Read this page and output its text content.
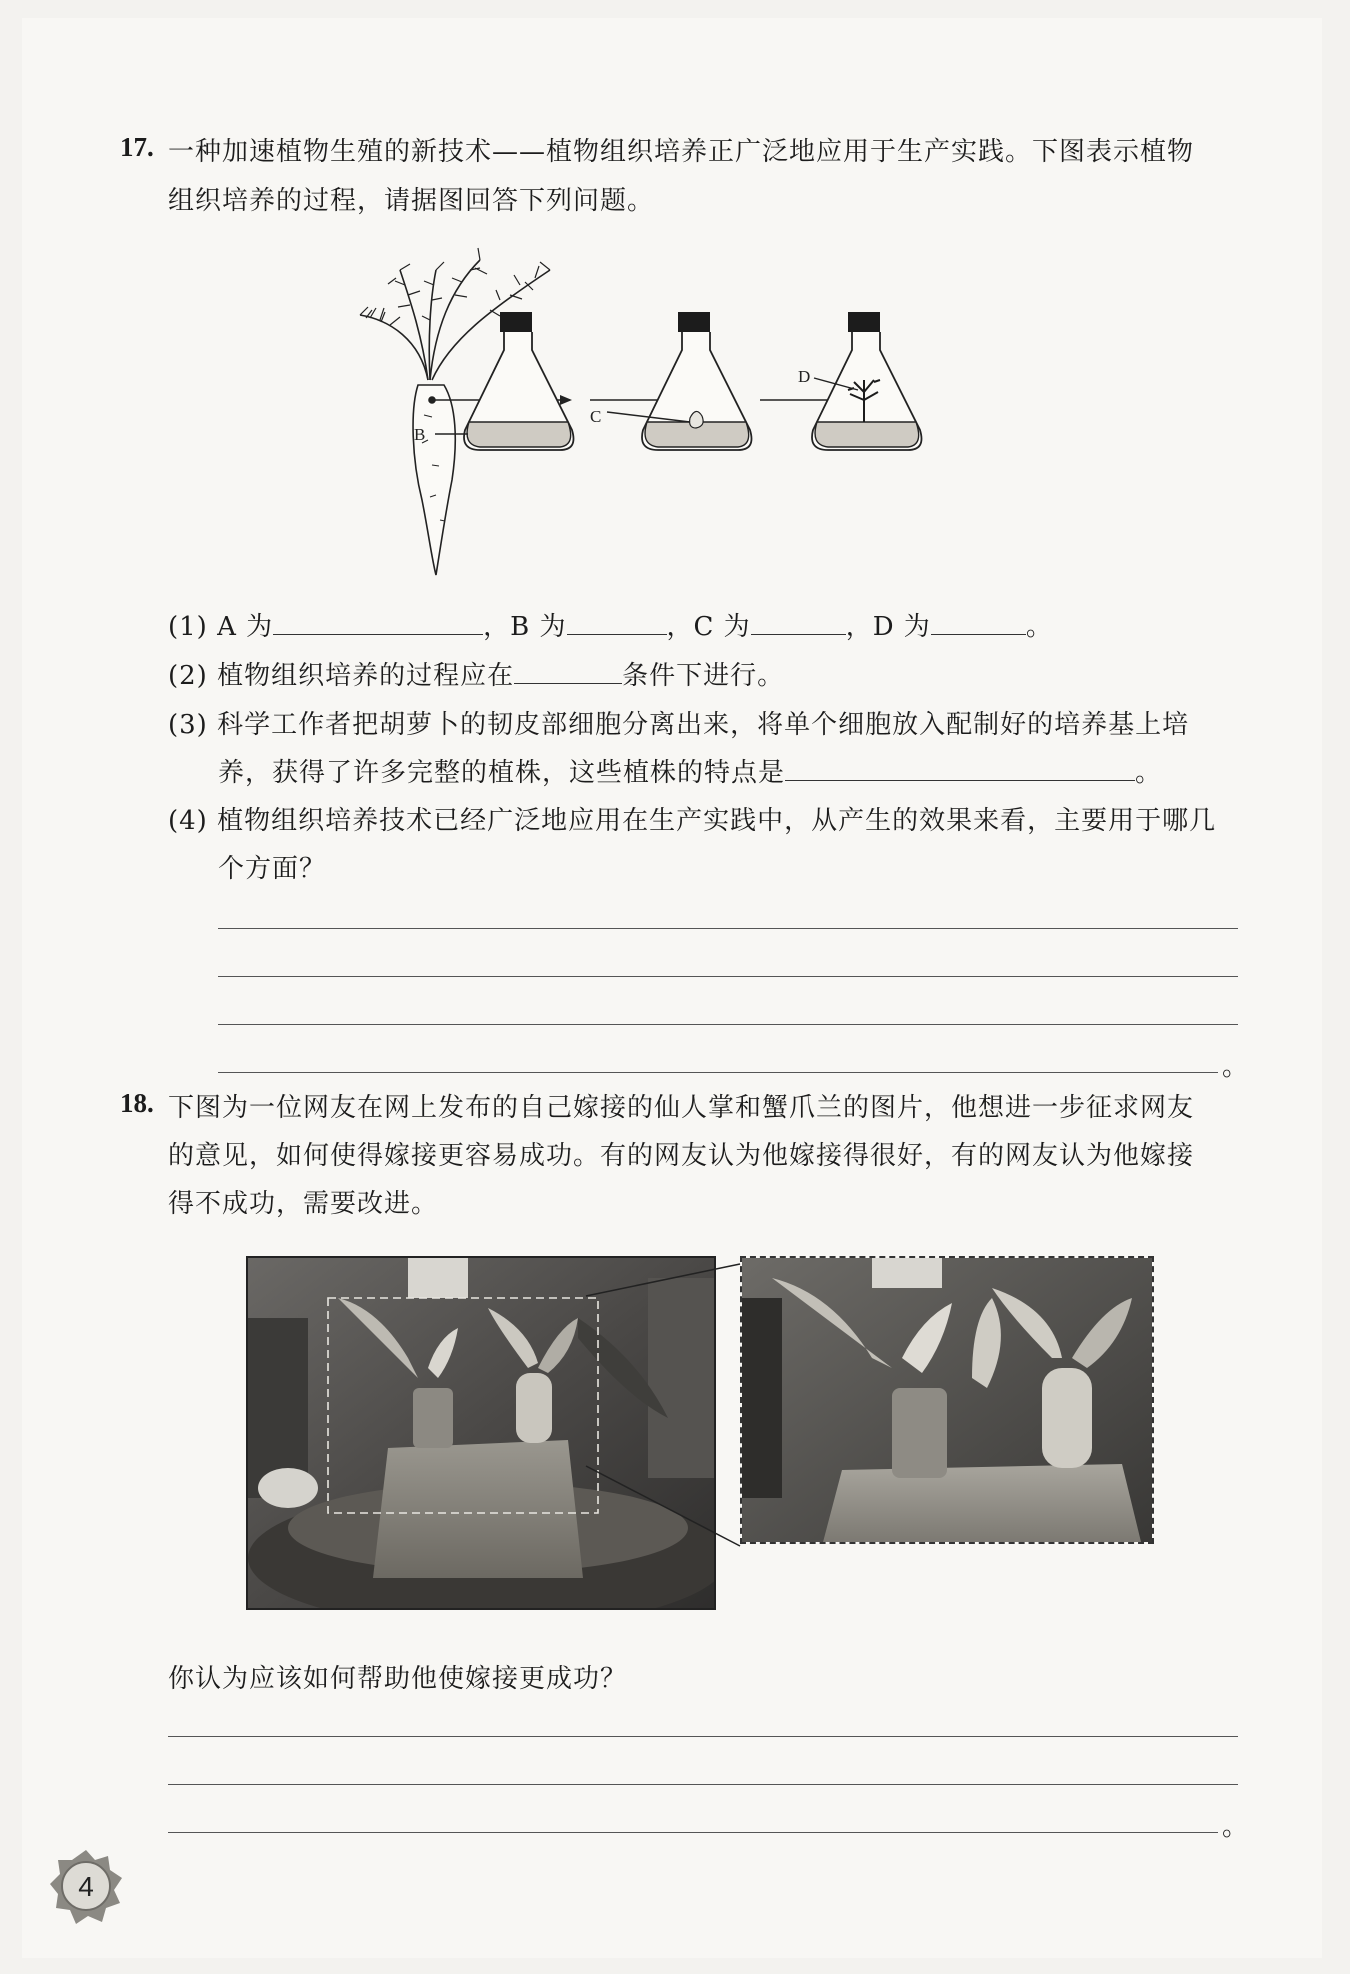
17. 一种加速植物生殖的新技术——植物组织培养正广泛地应用于生产实践。下图表示植物
组织培养的过程，请据图回答下列问题。
B
C
D
(1) A 为	，B 为	，C 为	，D 为	。
(2) 植物组织培养的过程应在	条件下进行。
(3) 科学工作者把胡萝卜的韧皮部细胞分离出来，将单个细胞放入配制好的培养基上培
养，获得了许多完整的植株，这些植株的特点是	。
(4) 植物组织培养技术已经广泛地应用在生产实践中，从产生的效果来看，主要用于哪几
个方面？
。
18. 下图为一位网友在网上发布的自己嫁接的仙人掌和蟹爪兰的图片，他想进一步征求网友
的意见，如何使得嫁接更容易成功。有的网友认为他嫁接得很好，有的网友认为他嫁接
得不成功，需要改进。
你认为应该如何帮助他使嫁接更成功？
。
4
